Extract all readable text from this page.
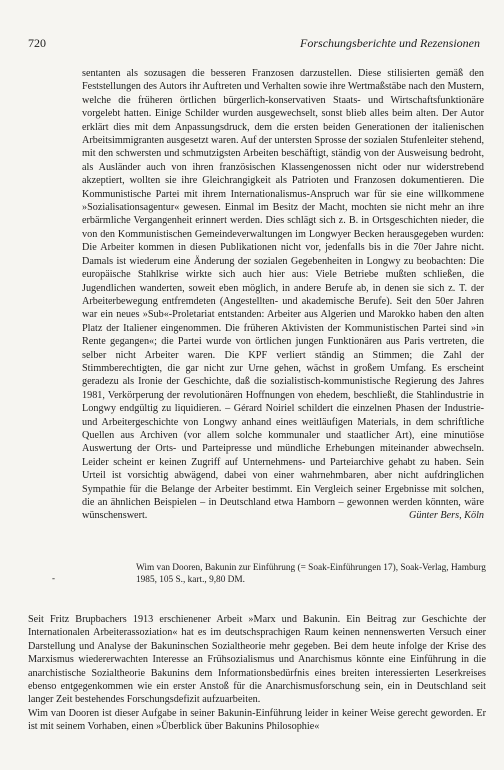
720	Forschungsberichte und Rezensionen

sentanten als sozusagen die besseren Franzosen darzustellen. Diese stilisierten gemäß den Feststellungen des Autors ihr Auftreten und Verhalten sowie ihre Wertmaßstäbe nach den Mustern, welche die früheren örtlichen bürgerlich-konservativen Staats- und Wirtschaftsfunktionäre vorgelebt hatten. Einige Schilder wurden ausgewechselt, sonst blieb alles beim alten. Der Autor erklärt dies mit dem Anpassungsdruck, dem die ersten beiden Generationen der italienischen Arbeitsimmigranten ausgesetzt waren. Auf der untersten Sprosse der sozialen Stufenleiter stehend, mit den schwersten und schmutzigsten Arbeiten beschäftigt, ständig von der Ausweisung bedroht, als Ausländer auch von ihren französischen Klassengenossen nicht oder nur widerstrebend akzeptiert, wollten sie ihre Gleichrangigkeit als Patrioten und Franzosen dokumentieren. Die Kommunistische Partei mit ihrem Internationalismus-Anspruch war für sie eine willkommene »Sozialisationsagentur« gewesen. Einmal im Besitz der Macht, mochten sie nicht mehr an ihre erbärmliche Vergangenheit erinnert werden. Dies schlägt sich z. B. in Ortsgeschichten nieder, die von den Kommunistischen Gemeindeverwaltungen im Longwyer Becken herausgegeben wurden: Die Arbeiter kommen in diesen Publikationen nicht vor, jedenfalls bis in die 70er Jahre nicht. Damals ist wiederum eine Änderung der sozialen Gegebenheiten in Longwy zu beobachten: Die europäische Stahlkrise wirkte sich auch hier aus: Viele Betriebe mußten schließen, die Jugendlichen wanderten, soweit eben möglich, in andere Berufe ab, in denen sie sich z. T. der Arbeiterbewegung entfremdeten (Angestellten- und akademische Berufe). Seit den 50er Jahren war ein neues »Sub«-Proletariat entstanden: Arbeiter aus Algerien und Marokko haben den alten Platz der Italiener eingenommen. Die früheren Aktivisten der Kommunistischen Partei sind »in Rente gegangen«; die Partei wurde von örtlichen jungen Funktionären aus Paris vertreten, die selber nicht Arbeiter waren. Die KPF verliert ständig an Stimmen; die Zahl der Stimmberechtigten, die gar nicht zur Urne gehen, wächst in großem Umfang. Es erscheint geradezu als Ironie der Geschichte, daß die sozialistisch-kommunistische Regierung des Jahres 1981, Verkörperung der revolutionären Hoffnungen von ehedem, beschließt, die Stahlindustrie in Longwy endgültig zu liquidieren. – Gérard Noiriel schildert die einzelnen Phasen der Industrie- und Arbeitergeschichte von Longwy anhand eines weitläufigen Materials, in dem schriftliche Quellen aus Archiven (vor allem solche kommunaler und staatlicher Art), eine minutiöse Auswertung der Orts- und Parteipresse und mündliche Erhebungen miteinander abwechseln. Leider scheint er keinen Zugriff auf Unternehmens- und Parteiarchive gehabt zu haben. Sein Urteil ist vorsichtig abwägend, dabei von einer wahrnehmbaren, aber nicht aufdringlichen Sympathie für die Belange der Arbeiter bestimmt. Ein Vergleich seiner Ergebnisse mit solchen, die an ähnlichen Beispielen – in Deutschland etwa Hamborn – gewonnen werden könnten, wäre wünschenswert.	Günter Bers, Köln

-
Wim van Dooren, Bakunin zur Einführung (= Soak-Einführungen 17), Soak-Verlag, Hamburg 1985, 105 S., kart., 9,80 DM.

Seit Fritz Brupbachers 1913 erschienener Arbeit »Marx und Bakunin. Ein Beitrag zur Geschichte der Internationalen Arbeiterassoziation« hat es im deutschsprachigen Raum keinen nennenswerten Versuch einer Darstellung und Analyse der Bakuninschen Sozialtheorie mehr gegeben. Bei dem heute infolge der Krise des Marxismus wiedererwachten Interesse an Frühsozialismus und Anarchismus könnte eine Einführung in die anarchistische Sozialtheorie Bakunins dem Informationsbedürfnis eines breiten interessierten Leserkreises ebenso entgegenkommen wie ein erster Anstoß für die Anarchismusforschung sein, ein in Deutschland seit langer Zeit bestehendes Forschungsdefizit aufzuarbeiten.

Wim van Dooren ist dieser Aufgabe in seiner Bakunin-Einführung leider in keiner Weise gerecht geworden. Er ist mit seinem Vorhaben, einen »Überblick über Bakunins Philosophie«
